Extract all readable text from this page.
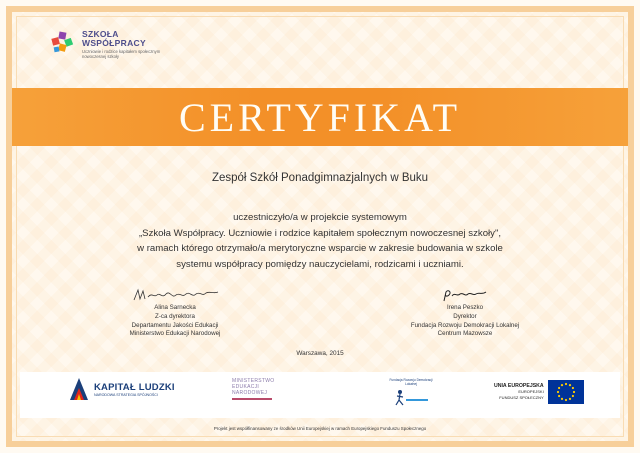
SZKOŁA
WSPÓŁPRACY
Uczniowie i rodzice kapitałem społecznym nowoczesnej szkoły
CERTYFIKAT
Zespół Szkół Ponadgimnazjalnych w Buku
uczestniczyło/a w projekcie systemowym
„Szkoła Współpracy. Uczniowie i rodzice kapitałem społecznym nowoczesnej szkoły",
w ramach którego otrzymało/a merytoryczne wsparcie w zakresie budowania w szkole
systemu współpracy pomiędzy nauczycielami, rodzicami i uczniami.
Alina Sarnecka
Z-ca dyrektora
Departamentu Jakości Edukacji
Ministerstwo Edukacji Narodowej
Irena Peszko
Dyrektor
Fundacja Rozwoju Demokracji Lokalnej
Centrum Mazowsze
Warszawa, 2015
KAPITAŁ LUDZKI
NARODOWA STRATEGIA SPÓJNOŚCI
MINISTERSTWO
EDUKACJI
NARODOWEJ
Fundacja Rozwoju Demokracji Lokalnej	UNIA EUROPEJSKA
EUROPEJSKI
FUNDUSZ SPOŁECZNY
Projekt jest współfinansowany ze środków Unii Europejskiej w ramach Europejskiego Funduszu Społecznego
